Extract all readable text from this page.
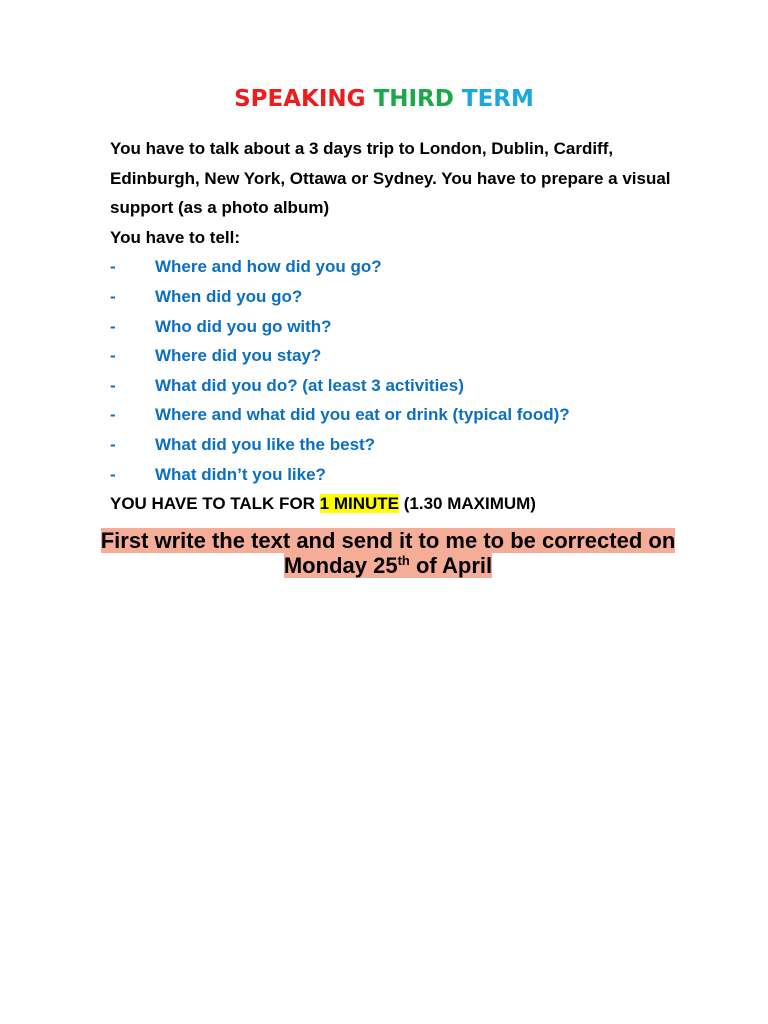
SPEAKING THIRD TERM

You have to talk about a 3 days trip to London, Dublin, Cardiff,
Edinburgh, New York, Ottawa or Sydney. You have to prepare a visual
support (as a photo album)

You have to tell:

- Where and how did you go?
- When did you go?
- Who did you go with?
- Where did you stay?
- What did you do? (at least 3 activities)
- Where and what did you eat or drink (typical food)?
- What did you like the best?
- What didn’t you like?

YOU HAVE TO TALK FOR 1 MINUTE (1.30 MAXIMUM)

First write the text and send it to me to be corrected on
Monday 25th of April
